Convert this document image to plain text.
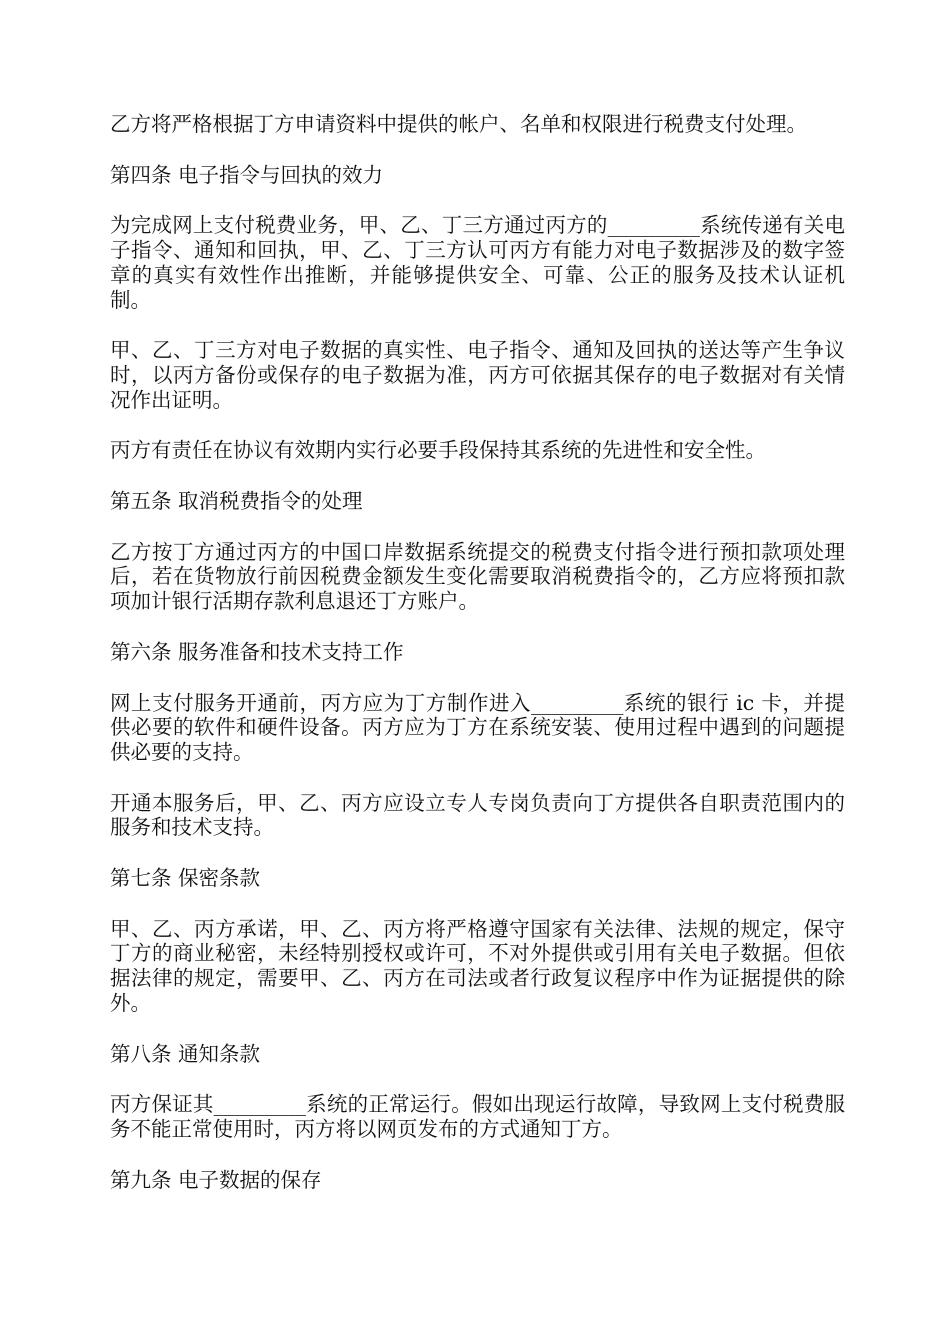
乙方将严格根据丁方申请资料中提供的帐户、名单和权限进行税费支付处理。

第四条 电子指令与回执的效力

为完成网上支付税费业务，甲、乙、丁三方通过丙方的_________系统传递有关电子指令、通知和回执，甲、乙、丁三方认可丙方有能力对电子数据涉及的数字签章的真实有效性作出推断，并能够提供安全、可靠、公正的服务及技术认证机制。

甲、乙、丁三方对电子数据的真实性、电子指令、通知及回执的送达等产生争议时，以丙方备份或保存的电子数据为准，丙方可依据其保存的电子数据对有关情况作出证明。

丙方有责任在协议有效期内实行必要手段保持其系统的先进性和安全性。

第五条 取消税费指令的处理

乙方按丁方通过丙方的中国口岸数据系统提交的税费支付指令进行预扣款项处理后，若在货物放行前因税费金额发生变化需要取消税费指令的，乙方应将预扣款项加计银行活期存款利息退还丁方账户。

第六条 服务准备和技术支持工作

网上支付服务开通前，丙方应为丁方制作进入_________系统的银行 ic 卡，并提供必要的软件和硬件设备。丙方应为丁方在系统安装、使用过程中遇到的问题提供必要的支持。

开通本服务后，甲、乙、丙方应设立专人专岗负责向丁方提供各自职责范围内的服务和技术支持。

第七条 保密条款

甲、乙、丙方承诺，甲、乙、丙方将严格遵守国家有关法律、法规的规定，保守丁方的商业秘密，未经特别授权或许可，不对外提供或引用有关电子数据。但依据法律的规定，需要甲、乙、丙方在司法或者行政复议程序中作为证据提供的除外。

第八条 通知条款

丙方保证其_________系统的正常运行。假如出现运行故障，导致网上支付税费服务不能正常使用时，丙方将以网页发布的方式通知丁方。

第九条 电子数据的保存
